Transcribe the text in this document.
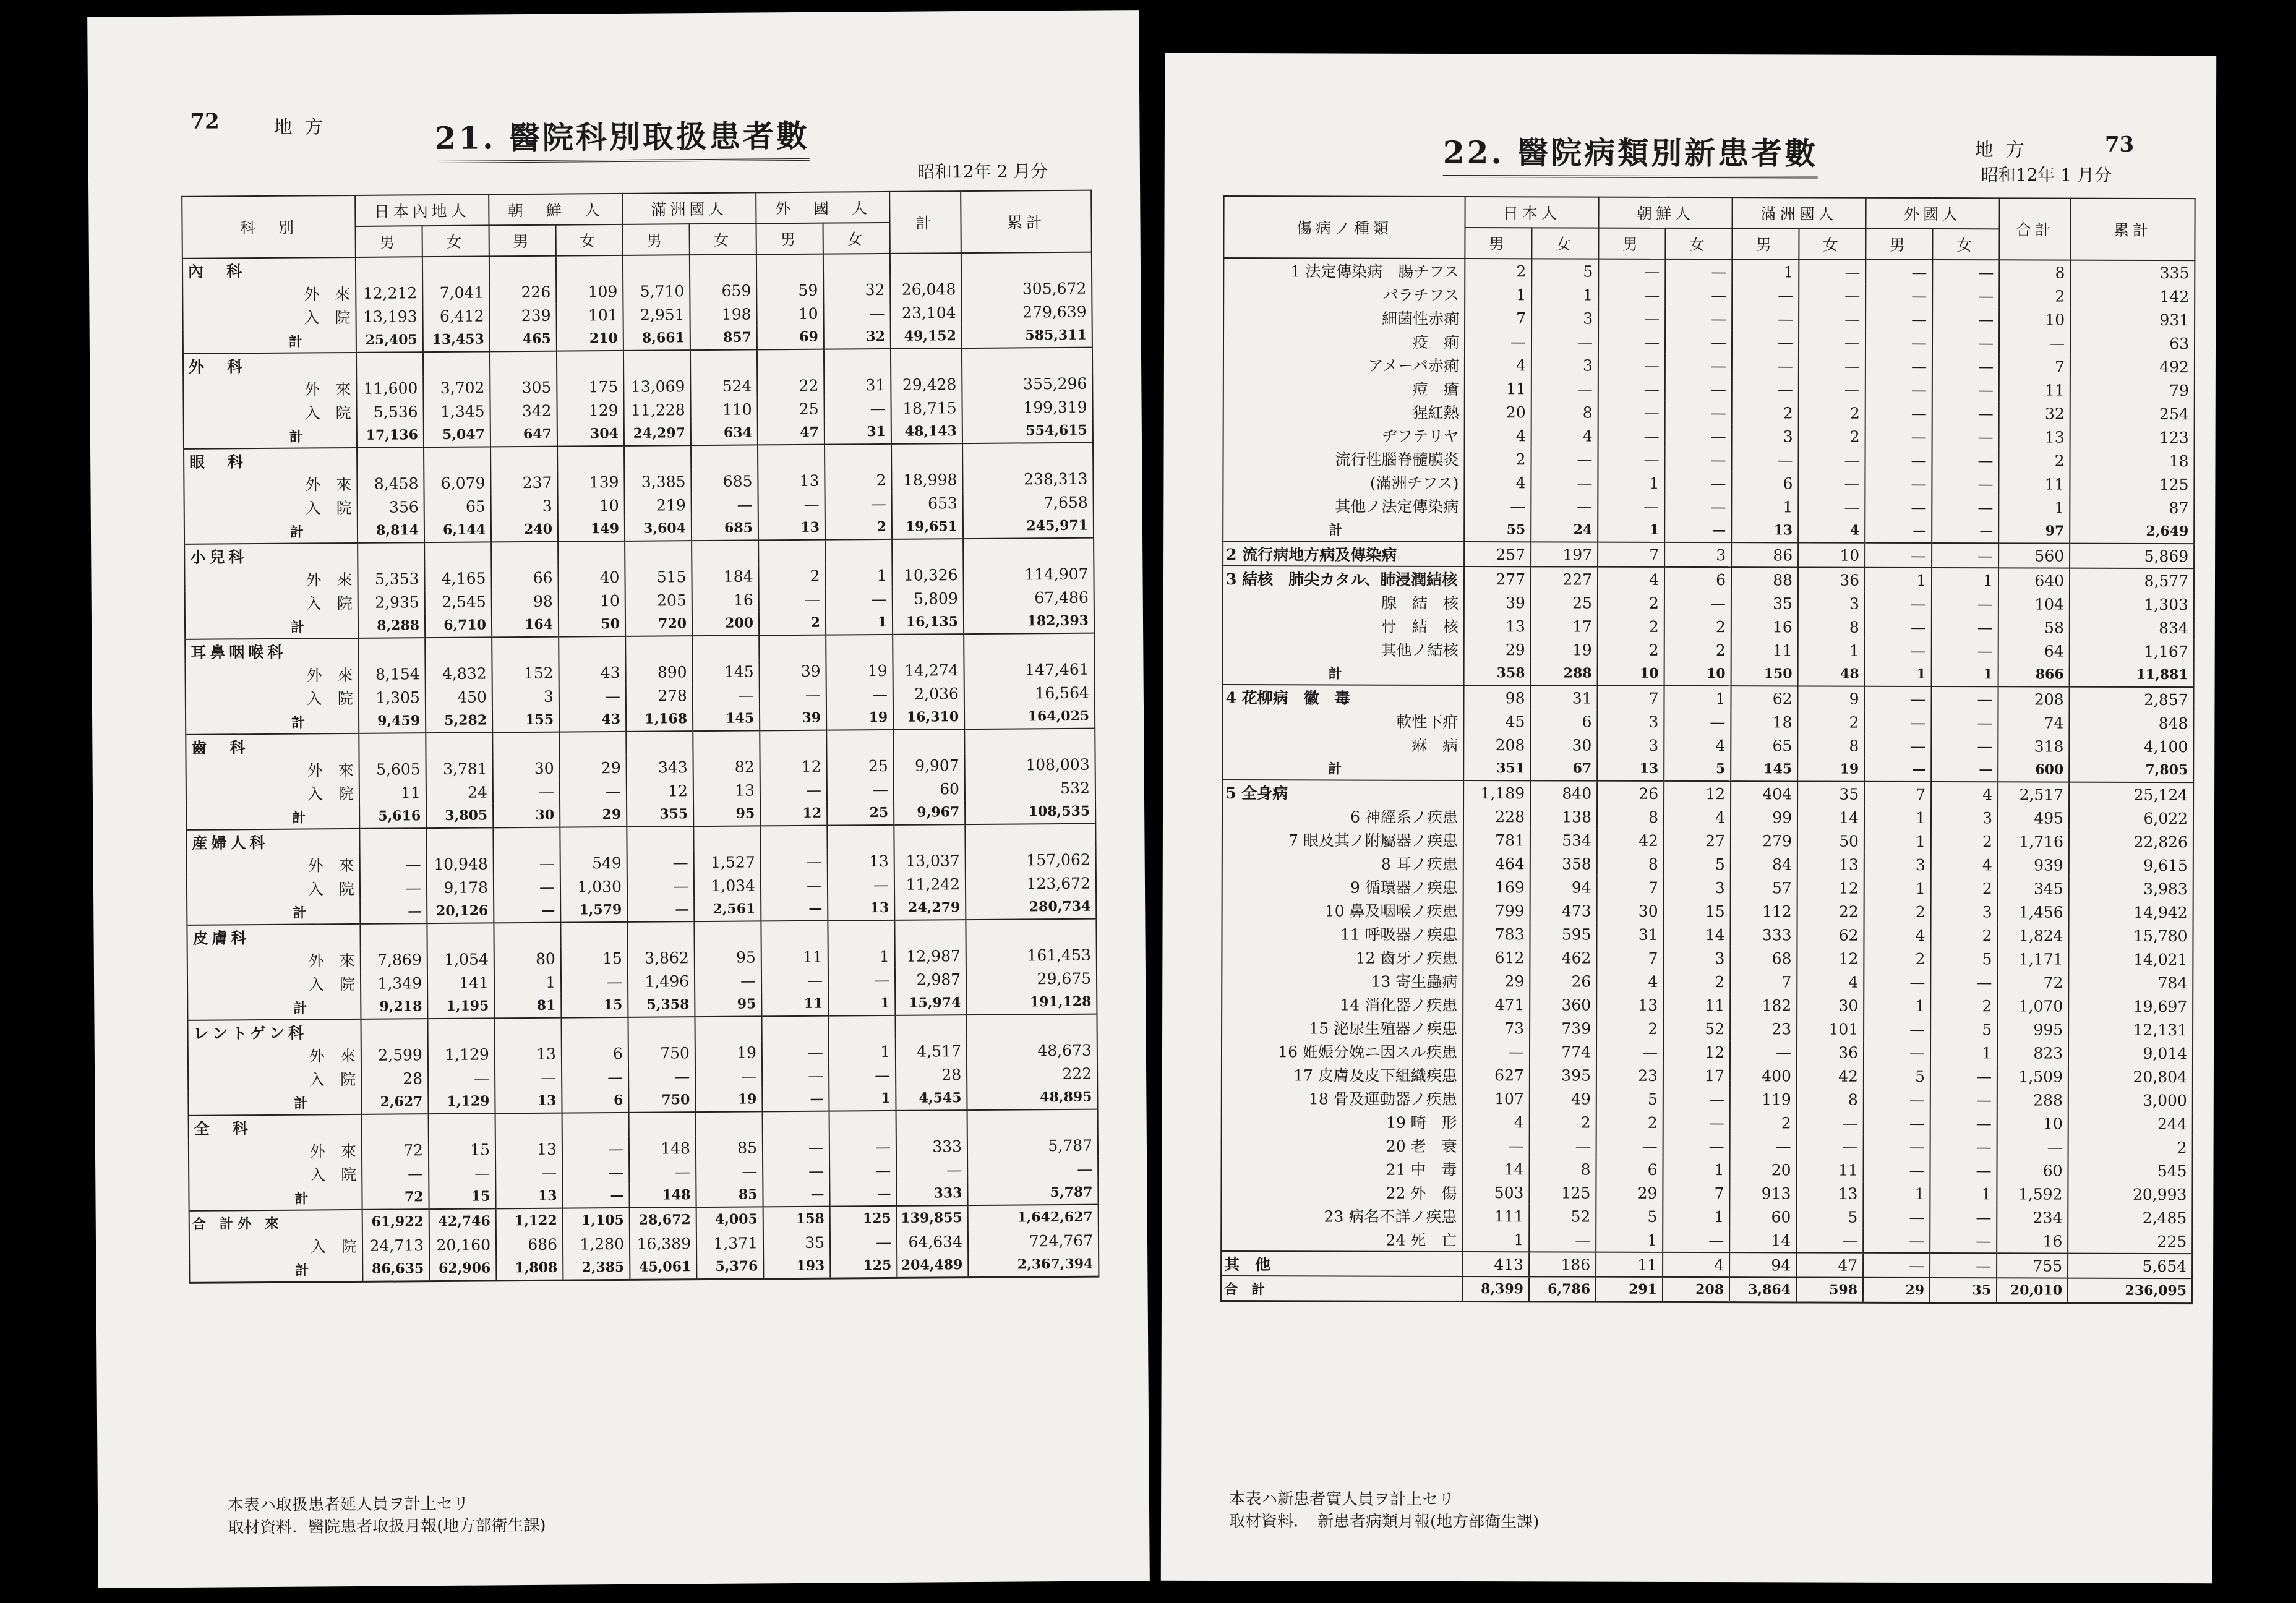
72	地方	21. 醫院科別取扱患者數
昭和12年 2 月分
科　別	日本內地人		朝　鮮　人		滿洲國人		外　國　人		計	累計
	男	女	男	女	男	女	男	女		
內　科										
外　來	12,212	7,041	226	109	5,710	659	59	32	26,048	305,672
入　院	13,193	6,412	239	101	2,951	198	10	—	23,104	279,639
計	25,405	13,453	465	210	8,661	857	69	32	49,152	585,311
外　科										
外　來	11,600	3,702	305	175	13,069	524	22	31	29,428	355,296
入　院	5,536	1,345	342	129	11,228	110	25	—	18,715	199,319
計	17,136	5,047	647	304	24,297	634	47	31	48,143	554,615
眼　科										
外　來	8,458	6,079	237	139	3,385	685	13	2	18,998	238,313
入　院	356	65	3	10	219	—	—	—	653	7,658
計	8,814	6,144	240	149	3,604	685	13	2	19,651	245,971
小兒科										
外　來	5,353	4,165	66	40	515	184	2	1	10,326	114,907
入　院	2,935	2,545	98	10	205	16	—	—	5,809	67,486
計	8,288	6,710	164	50	720	200	2	1	16,135	182,393
耳鼻咽喉科										
外　來	8,154	4,832	152	43	890	145	39	19	14,274	147,461
入　院	1,305	450	3	—	278	—	—	—	2,036	16,564
計	9,459	5,282	155	43	1,168	145	39	19	16,310	164,025
齒　科										
外　來	5,605	3,781	30	29	343	82	12	25	9,907	108,003
入　院	11	24	—	—	12	13	—	—	60	532
計	5,616	3,805	30	29	355	95	12	25	9,967	108,535
産婦人科										
外　來	—	10,948	—	549	—	1,527	—	13	13,037	157,062
入　院	—	9,178	—	1,030	—	1,034	—	—	11,242	123,672
計	—	20,126	—	1,579	—	2,561	—	13	24,279	280,734
皮膚科										
外　來	7,869	1,054	80	15	3,862	95	11	1	12,987	161,453
入　院	1,349	141	1	—	1,496	—	—	—	2,987	29,675
計	9,218	1,195	81	15	5,358	95	11	1	15,974	191,128
レントゲン科										
外　來	2,599	1,129	13	6	750	19	—	1	4,517	48,673
入　院	28	—	—	—	—	—	—	—	28	222
計	2,627	1,129	13	6	750	19	—	1	4,545	48,895
全　科										
外　來	72	15	13	—	148	85	—	—	333	5,787
入　院	—	—	—	—	—	—	—	—	—	—
計	72	15	13	—	148	85	—	—	333	5,787
合　計 外　來	61,922	42,746	1,122	1,105	28,672	4,005	158	125	139,855	1,642,627
入　院	24,713	20,160	686	1,280	16,389	1,371	35	—	64,634	724,767
計	86,635	62,906	1,808	2,385	45,061	5,376	193	125	204,489	2,367,394
本表ハ取扱患者延人員ヲ計上セリ
取材資料．醫院患者取扱月報(地方部衛生課)
22. 醫院病類別新患者數	地方	73
昭和12年 1 月分
傷病ノ種類	日本人		朝鮮人		滿洲國人		外國人		合計	累計
	男	女	男	女	男	女	男	女		
1 法定傳染病　腸チフス	2	5	—	—	1	—	—	—	8	335
パラチフス	1	1	—	—	—	—	—	—	2	142
細菌性赤痢	7	3	—	—	—	—	—	—	10	931
疫　痢	—	—	—	—	—	—	—	—	—	63
アメーバ赤痢	4	3	—	—	—	—	—	—	7	492
痘　瘡	11	—	—	—	—	—	—	—	11	79
猩紅熱	20	8	—	—	2	2	—	—	32	254
ヂフテリヤ	4	4	—	—	3	2	—	—	13	123
流行性腦脊髓膜炎	2	—	—	—	—	—	—	—	2	18
(滿洲チフス)	4	—	1	—	6	—	—	—	11	125
其他ノ法定傳染病	—	—	—	—	1	—	—	—	1	87
計	55	24	1	—	13	4	—	—	97	2,649
2 流行病地方病及傳染病	257	197	7	3	86	10	—	—	560	5,869
3 結核　肺尖カタル、肺浸潤結核	277	227	4	6	88	36	1	1	640	8,577
腺　結　核	39	25	2	—	35	3	—	—	104	1,303
骨　結　核	13	17	2	2	16	8	—	—	58	834
其他ノ結核	29	19	2	2	11	1	—	—	64	1,167
計	358	288	10	10	150	48	1	1	866	11,881
4 花柳病　徽　毒	98	31	7	1	62	9	—	—	208	2,857
軟性下疳	45	6	3	—	18	2	—	—	74	848
痳　病	208	30	3	4	65	8	—	—	318	4,100
計	351	67	13	5	145	19	—	—	600	7,805
5 全身病	1,189	840	26	12	404	35	7	4	2,517	25,124
6 神經系ノ疾患	228	138	8	4	99	14	1	3	495	6,022
7 眼及其ノ附屬器ノ疾患	781	534	42	27	279	50	1	2	1,716	22,826
8 耳ノ疾患	464	358	8	5	84	13	3	4	939	9,615
9 循環器ノ疾患	169	94	7	3	57	12	1	2	345	3,983
10 鼻及咽喉ノ疾患	799	473	30	15	112	22	2	3	1,456	14,942
11 呼吸器ノ疾患	783	595	31	14	333	62	4	2	1,824	15,780
12 齒牙ノ疾患	612	462	7	3	68	12	2	5	1,171	14,021
13 寄生蟲病	29	26	4	2	7	4	—	—	72	784
14 消化器ノ疾患	471	360	13	11	182	30	1	2	1,070	19,697
15 泌尿生殖器ノ疾患	73	739	2	52	23	101	—	5	995	12,131
16 姙娠分娩ニ因スル疾患	—	774	—	12	—	36	—	1	823	9,014
17 皮膚及皮下組織疾患	627	395	23	17	400	42	5	—	1,509	20,804
18 骨及運動器ノ疾患	107	49	5	—	119	8	—	—	288	3,000
19 畸　形	4	2	2	—	2	—	—	—	10	244
20 老　衰	—	—	—	—	—	—	—	—	—	2
21 中　毒	14	8	6	1	20	11	—	—	60	545
22 外　傷	503	125	29	7	913	13	1	1	1,592	20,993
23 病名不詳ノ疾患	111	52	5	1	60	5	—	—	234	2,485
24 死　亡	1	—	1	—	14	—	—	—	16	225
其　他	413	186	11	4	94	47	—	—	755	5,654
合　計	8,399	6,786	291	208	3,864	598	29	35	20,010	236,095
本表ハ新患者實人員ヲ計上セリ
取材資料．　新患者病類月報(地方部衛生課)
